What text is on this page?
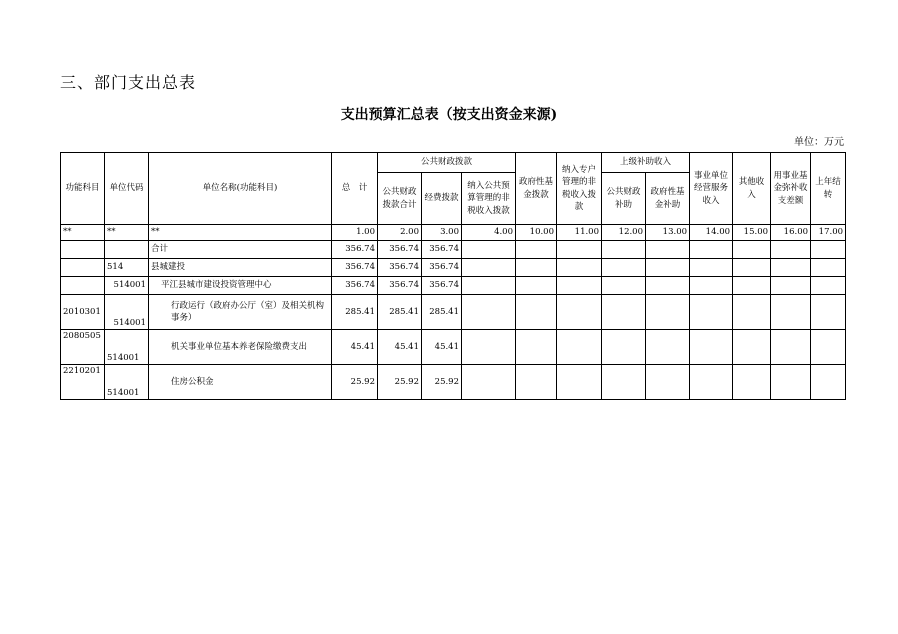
三、部门支出总表
支出预算汇总表（按支出资金来源)
单位：万元
功能科目	单位代码	单位名称(功能科目)	总　计	公共财政拨款			政府性基金拨款	纳入专户管理的非税收入拨款	上级补助收入		事业单位经营服务收入	其他收入	用事业基金弥补收支差额	上年结转
				公共财政拨款合计	经费拨款	纳入公共预算管理的非税收入拨款			公共财政补助	政府性基金补助				
**	**	**	1.00	2.00	3.00	4.00	10.00	11.00	12.00	13.00	14.00	15.00	16.00	17.00
		合计	356.74	356.74	356.74									
	514	县城建投	356.74	356.74	356.74									
	514001	平江县城市建设投资管理中心	356.74	356.74	356.74									
2010301	514001	行政运行（政府办公厅（室）及相关机构事务）	285.41	285.41	285.41									
2080505	514001	机关事业单位基本养老保险缴费支出	45.41	45.41	45.41									
2210201	514001	住房公积金	25.92	25.92	25.92									
